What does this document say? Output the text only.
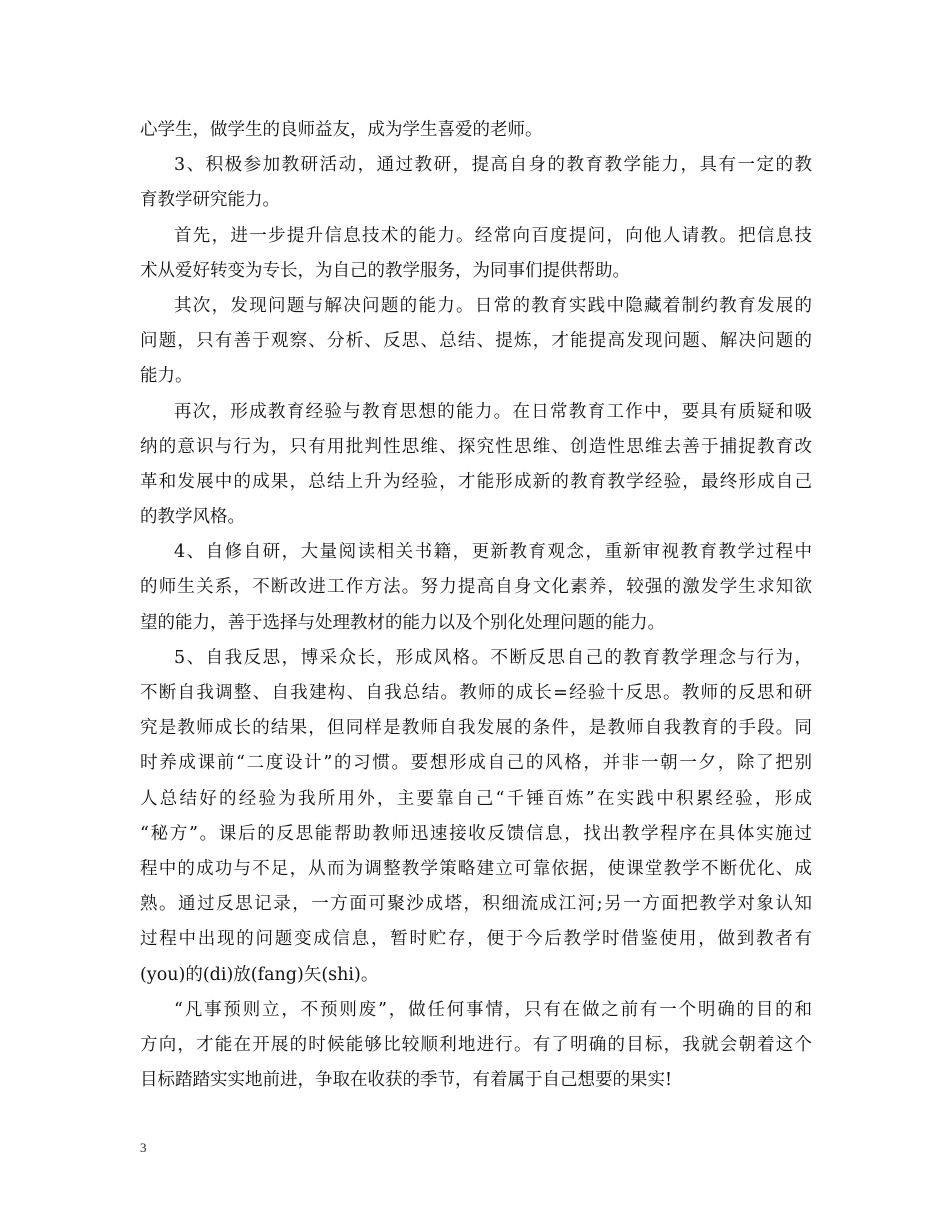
心学生，做学生的良师益友，成为学生喜爱的老师。
3、积极参加教研活动，通过教研，提高自身的教育教学能力，具有一定的教
育教学研究能力。
首先，进一步提升信息技术的能力。经常向百度提问，向他人请教。把信息技
术从爱好转变为专长，为自己的教学服务，为同事们提供帮助。
其次，发现问题与解决问题的能力。日常的教育实践中隐藏着制约教育发展的
问题，只有善于观察、分析、反思、总结、提炼，才能提高发现问题、解决问题的
能力。
再次，形成教育经验与教育思想的能力。在日常教育工作中，要具有质疑和吸
纳的意识与行为，只有用批判性思维、探究性思维、创造性思维去善于捕捉教育改
革和发展中的成果，总结上升为经验，才能形成新的教育教学经验，最终形成自己
的教学风格。
4、自修自研，大量阅读相关书籍，更新教育观念，重新审视教育教学过程中
的师生关系，不断改进工作方法。努力提高自身文化素养，较强的激发学生求知欲
望的能力，善于选择与处理教材的能力以及个别化处理问题的能力。
5、自我反思，博采众长，形成风格。不断反思自己的教育教学理念与行为，
不断自我调整、自我建构、自我总结。教师的成长=经验十反思。教师的反思和研
究是教师成长的结果，但同样是教师自我发展的条件，是教师自我教育的手段。同
时养成课前“二度设计”的习惯。要想形成自己的风格，并非一朝一夕，除了把别
人总结好的经验为我所用外，主要靠自己“千锤百炼”在实践中积累经验，形成
“秘方”。课后的反思能帮助教师迅速接收反馈信息，找出教学程序在具体实施过
程中的成功与不足，从而为调整教学策略建立可靠依据，使课堂教学不断优化、成
熟。通过反思记录，一方面可聚沙成塔，积细流成江河;另一方面把教学对象认知
过程中出现的问题变成信息，暂时贮存，便于今后教学时借鉴使用，做到教者有
(you)的(di)放(fang)矢(shi)。
“凡事预则立，不预则废”，做任何事情，只有在做之前有一个明确的目的和
方向，才能在开展的时候能够比较顺利地进行。有了明确的目标，我就会朝着这个
目标踏踏实实地前进，争取在收获的季节，有着属于自己想要的果实!
3
